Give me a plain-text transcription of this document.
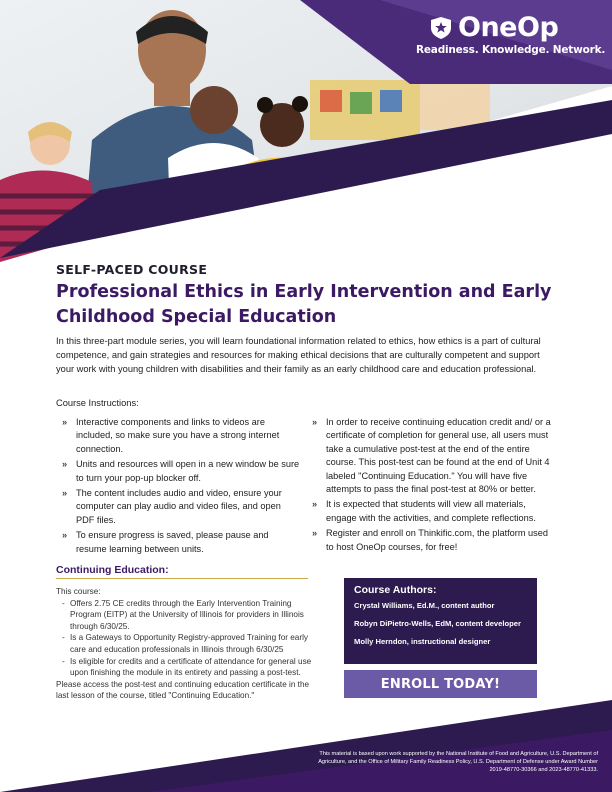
OneOp
Readiness. Knowledge. Network.
SELF-PACED COURSE
Professional Ethics in Early Intervention and Early Childhood Special Education

In this three-part module series, you will learn foundational information related to ethics, how ethics is a part of cultural competence, and gain strategies and resources for making ethical decisions that are culturally competent and support your work with young children with disabilities and their family as an early childhood care and education professional.

Course Instructions:
» Interactive components and links to videos are included, so make sure you have a strong internet connection.
» Units and resources will open in a new window be sure to turn your pop-up blocker off.
» The content includes audio and video, ensure your computer can play audio and video files, and open PDF files.
» To ensure progress is saved, please pause and resume learning between units.
» In order to receive continuing education credit and/ or a certificate of completion for general use, all users must take a cumulative post-test at the end of the entire course. This post-test can be found at the end of Unit 4 labeled "Continuing Education." You will have five attempts to pass the final post-test at 80% or better.
» It is expected that students will view all materials, engage with the activities, and complete reflections.
» Register and enroll on Thinkific.com, the platform used to host OneOp courses, for free!
Continuing Education:
This course:
- Offers 2.75 CE credits through the Early Intervention Training Program (EITP) at the University of Illinois for providers in Illinois through 6/30/25.
- Is a Gateways to Opportunity Registry-approved Training for early care and education professionals in Illinois through 6/30/25
- Is eligible for credits and a certificate of attendance for general use upon finishing the module in its entirety and passing a post-test.
Please access the post-test and continuing education certificate in the last lesson of the course, titled "Continuing Education."
Course Authors:

Crystal Williams, Ed.M., content author

Robyn DiPietro-Wells, EdM, content developer

Molly Herndon, instructional designer

ENROLL TODAY!
This material is based upon work supported by the National Institute of Food and Agriculture, U.S. Department of Agriculture, and the Office of Military Family Readiness Policy, U.S. Department of Defense under Award Number 2019-48770-30366 and 2023-48770-41333.
